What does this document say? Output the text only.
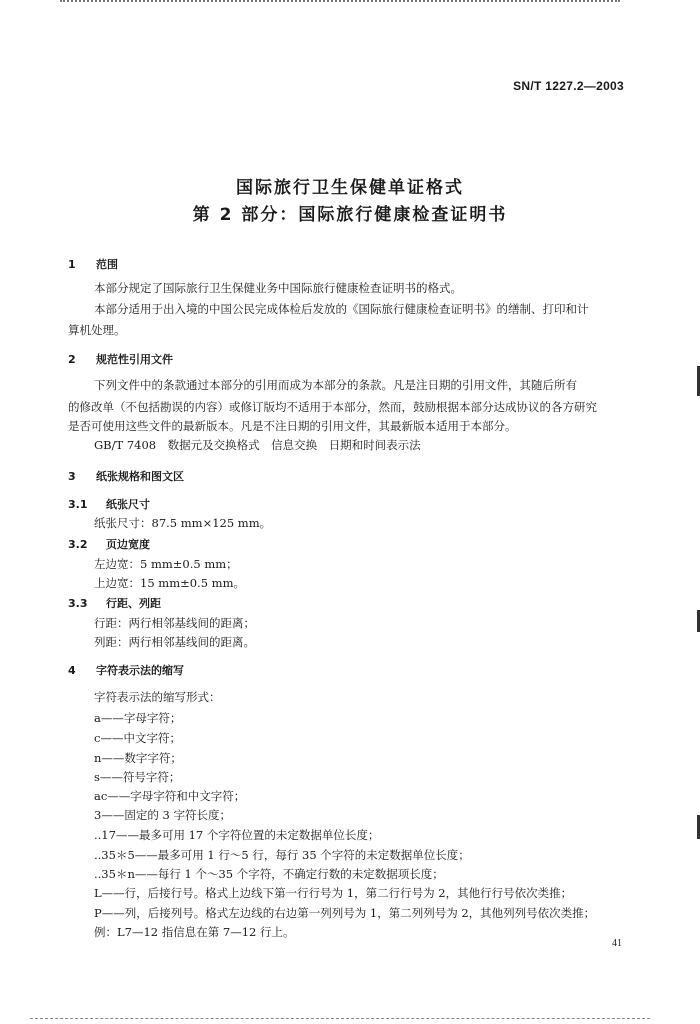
SN/T 1227.2—2003
国际旅行卫生保健单证格式
第 2 部分：国际旅行健康检查证明书
1 范围
本部分规定了国际旅行卫生保健业务中国际旅行健康检查证明书的格式。
本部分适用于出入境的中国公民完成体检后发放的《国际旅行健康检查证明书》的缮制、打印和计
算机处理。
2 规范性引用文件
下列文件中的条款通过本部分的引用而成为本部分的条款。凡是注日期的引用文件，其随后所有
的修改单（不包括勘误的内容）或修订版均不适用于本部分，然而，鼓励根据本部分达成协议的各方研究
是否可使用这些文件的最新版本。凡是不注日期的引用文件，其最新版本适用于本部分。
GB/T 7408　数据元及交换格式　信息交换　日期和时间表示法
3 纸张规格和图文区
3.1 纸张尺寸
纸张尺寸：87.5 mm×125 mm。
3.2 页边宽度
左边宽：5 mm±0.5 mm；
上边宽：15 mm±0.5 mm。
3.3 行距、列距
行距：两行相邻基线间的距离；
列距：两行相邻基线间的距离。
4 字符表示法的缩写
字符表示法的缩写形式：
a——字母字符；
c——中文字符；
n——数字字符；
s——符号字符；
ac——字母字符和中文字符；
3——固定的 3 字符长度；
..17——最多可用 17 个字符位置的未定数据单位长度；
..35＊5——最多可用 1 行～5 行，每行 35 个字符的未定数据单位长度；
..35＊n——每行 1 个～35 个字符，不确定行数的未定数据项长度；
L——行，后接行号。格式上边线下第一行行号为 1，第二行行号为 2，其他行行号依次类推；
P——列，后接列号。格式左边线的右边第一列列号为 1，第二列列号为 2，其他列列号依次类推；
例：L7—12 指信息在第 7—12 行上。
41
